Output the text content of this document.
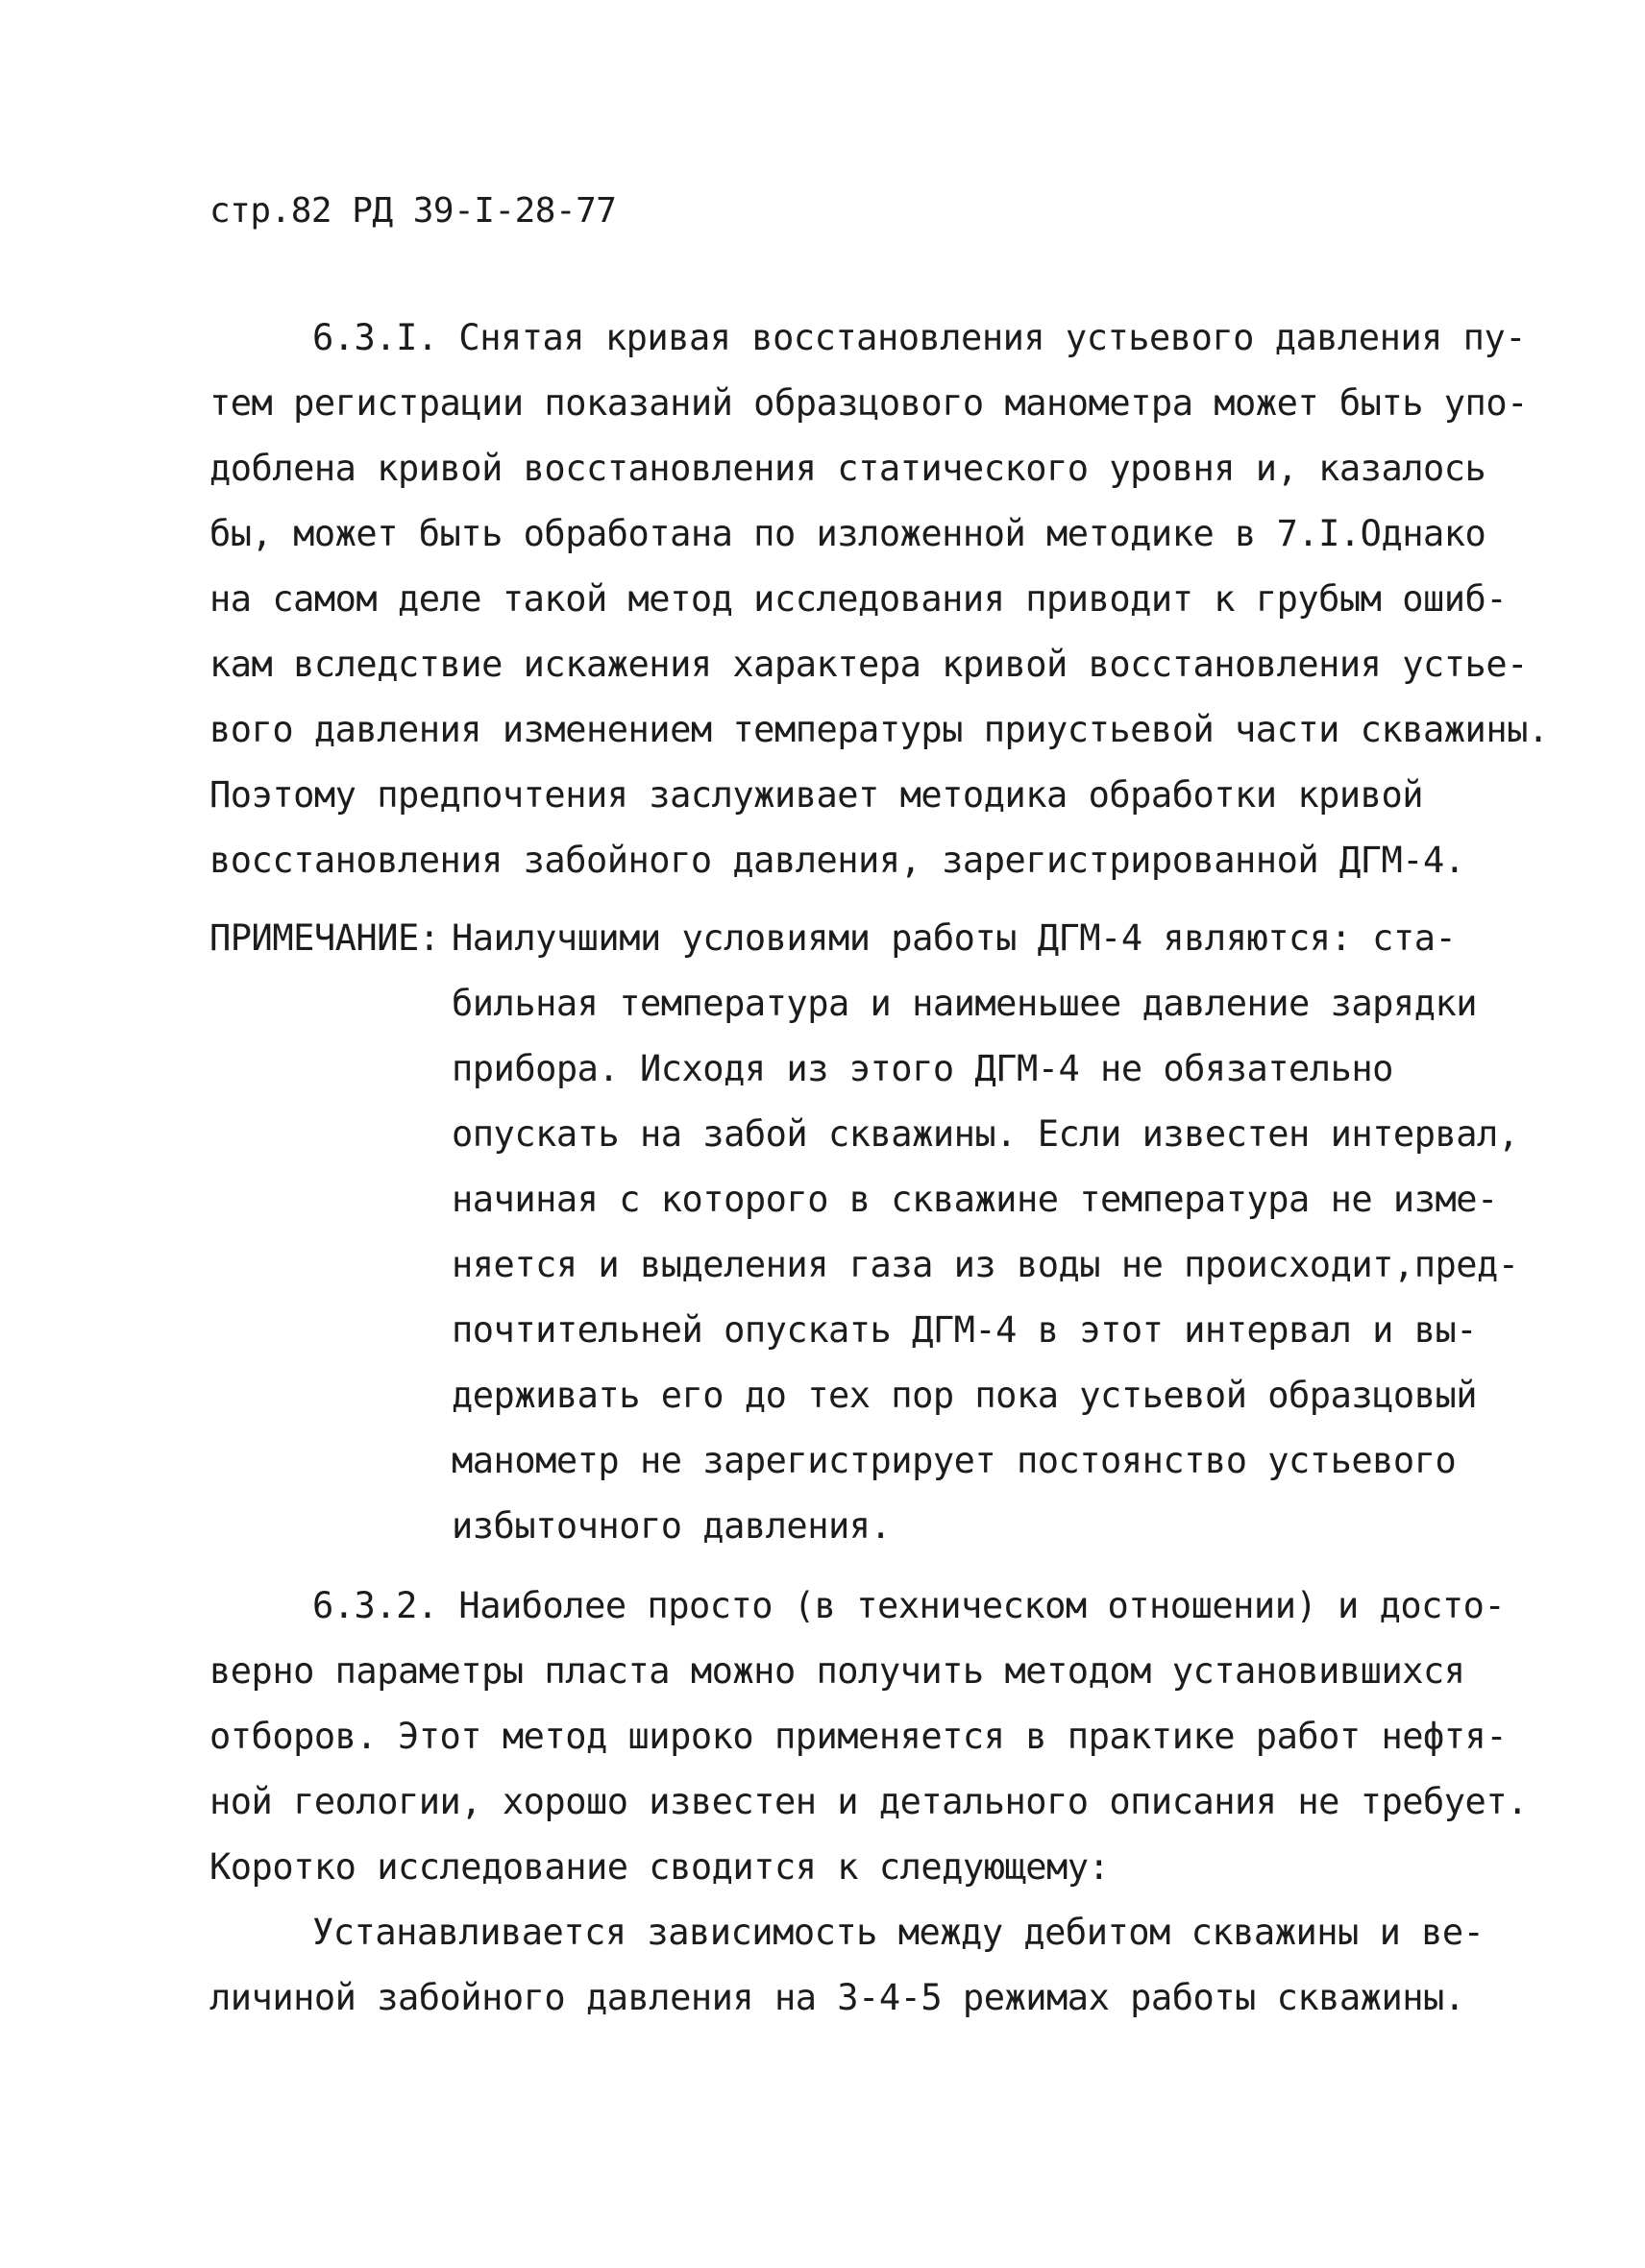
стр.82 РД 39-I-28-77
6.3.I. Снятая кривая восстановления устьевого давления пу-
тем регистрации показаний образцового манометра может быть упо-
доблена кривой восстановления статического уровня и, казалось
бы, может быть обработана по изложенной методике в 7.I.Однако
на самом деле такой метод исследования приводит к грубым ошиб-
кам вследствие искажения характера кривой восстановления устье-
вого давления изменением температуры приустьевой части скважины.
Поэтому предпочтения заслуживает методика обработки кривой
восстановления забойного давления, зарегистрированной ДГМ-4.
ПРИМЕЧАНИЕ: Наилучшими условиями работы ДГМ-4 являются: ста-
бильная температура и наименьшее давление зарядки
прибора. Исходя из этого ДГМ-4 не обязательно
опускать на забой скважины. Если известен интервал,
начиная с которого в скважине температура не изме-
няется и выделения газа из воды не происходит,пред-
почтительней опускать ДГМ-4 в этот интервал и вы-
держивать его до тех пор пока устьевой образцовый
манометр не зарегистрирует постоянство устьевого
избыточного давления.
6.3.2. Наиболее просто (в техническом отношении) и досто-
верно параметры пласта можно получить методом установившихся
отборов. Этот метод широко применяется в практике работ нефтя-
ной геологии, хорошо известен и детального описания не требует.
Коротко исследование сводится к следующему:
Устанавливается зависимость между дебитом скважины и ве-
личиной забойного давления на 3-4-5 режимах работы скважины.
